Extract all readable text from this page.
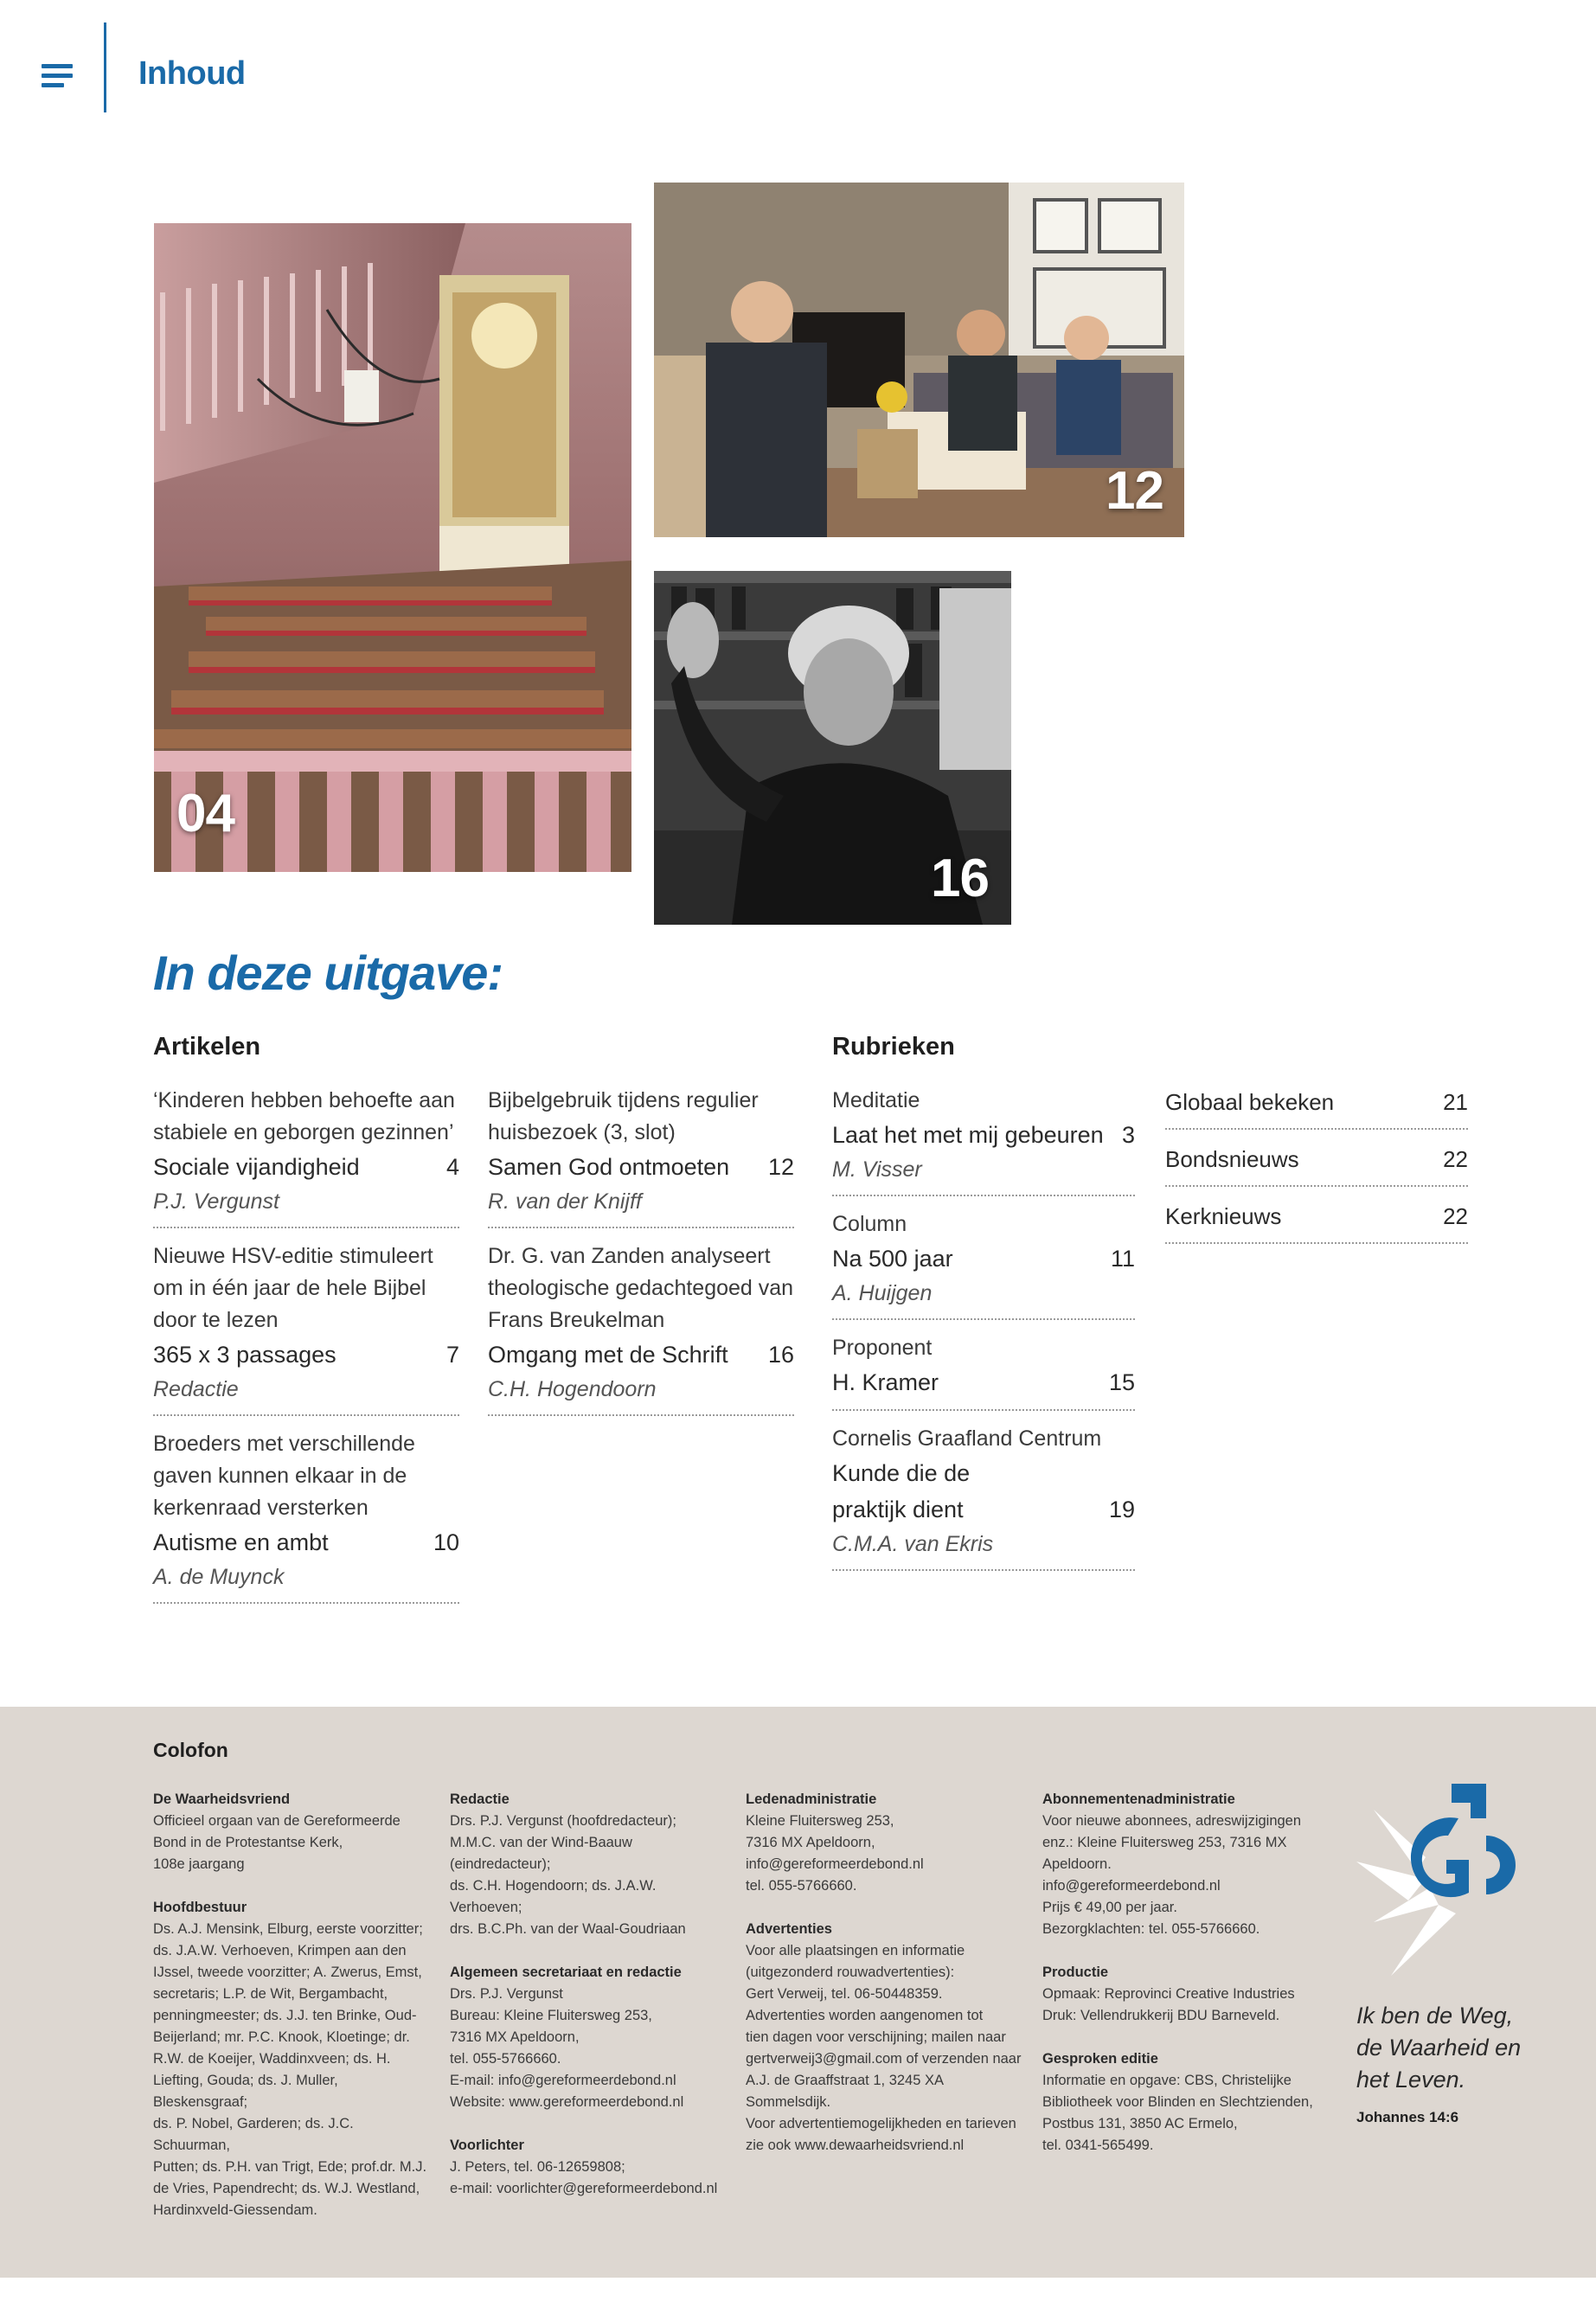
Inhoud
04
12
16
In deze uitgave:
Artikelen	Rubrieken
‘Kinderen hebben behoefte aan stabiele en geborgen gezinnen’
Sociale vijandigheid	4
P.J. Vergunst
Nieuwe HSV-editie stimuleert om in één jaar de hele Bijbel door te lezen
365 x 3 passages	7
Redactie
Broeders met verschillende gaven kunnen elkaar in de kerkenraad versterken
Autisme en ambt	10
A. de Muynck
Bijbelgebruik tijdens regulier huisbezoek (3, slot)
Samen God ontmoeten	12
R. van der Knijff
Dr. G. van Zanden analyseert theologische gedachtegoed van Frans Breukelman
Omgang met de Schrift	16
C.H. Hogendoorn
Meditatie
Laat het met mij gebeuren 3
M. Visser
Column
Na 500 jaar	11
A. Huijgen
Proponent
H. Kramer	15
Cornelis Graafland Centrum
Kunde die de praktijk dient	19
C.M.A. van Ekris
Globaal bekeken	21
Bondsnieuws	22
Kerknieuws	22
Colofon
De Waarheidsvriend
Officieel orgaan van de Gereformeerde
Bond in de Protestantse Kerk,
108e jaargang
Hoofdbestuur
Ds. A.J. Mensink, Elburg, eerste voorzitter;
ds. J.A.W. Verhoeven, Krimpen aan den
IJssel, tweede voorzitter; A. Zwerus, Emst,
secretaris; L.P. de Wit, Bergambacht,
penningmeester; ds. J.J. ten Brinke, Oud-
Beijerland; mr. P.C. Knook, Kloetinge; dr.
R.W. de Koeijer, Waddinxveen; ds. H.
Liefting, Gouda; ds. J. Muller, Bleskensgraaf;
ds. P. Nobel, Garderen; ds. J.C. Schuurman,
Putten; ds. P.H. van Trigt, Ede; prof.dr. M.J.
de Vries, Papendrecht; ds. W.J. Westland,
Hardinxveld-Giessendam.
Redactie
Drs. P.J. Vergunst (hoofdredacteur);
M.M.C. van der Wind-Baauw (eindredacteur);
ds. C.H. Hogendoorn; ds. J.A.W. Verhoeven;
drs. B.C.Ph. van der Waal-Goudriaan
Algemeen secretariaat en redactie
Drs. P.J. Vergunst
Bureau: Kleine Fluitersweg 253,
7316 MX Apeldoorn,
tel. 055-5766660.
E-mail: info@gereformeerdebond.nl
Website: www.gereformeerdebond.nl
Voorlichter
J. Peters, tel. 06-12659808;
e-mail: voorlichter@gereformeerdebond.nl
Ledenadministratie
Kleine Fluitersweg 253,
7316 MX Apeldoorn,
info@gereformeerdebond.nl
tel. 055-5766660.
Advertenties
Voor alle plaatsingen en informatie
(uitgezonderd rouwadvertenties):
Gert Verweij, tel. 06-50448359.
Advertenties worden aangenomen tot
tien dagen voor verschijning; mailen naar
gertverweij3@gmail.com of verzenden naar
A.J. de Graaffstraat 1, 3245 XA Sommelsdijk.
Voor advertentiemogelijkheden en tarieven
zie ook www.dewaarheidsvriend.nl
Abonnementenadministratie
Voor nieuwe abonnees, adreswijzigingen
enz.: Kleine Fluitersweg 253, 7316 MX
Apeldoorn.
info@gereformeerdebond.nl
Prijs € 49,00 per jaar.
Bezorgklachten: tel. 055-5766660.
Productie
Opmaak: Reprovinci Creative Industries
Druk: Vellendrukkerij BDU Barneveld.
Gesproken editie
Informatie en opgave: CBS, Christelijke
Bibliotheek voor Blinden en Slechtzienden,
Postbus 131, 3850 AC Ermelo,
tel. 0341-565499.
Ik ben de Weg,
de Waarheid en
het Leven.
Johannes 14:6
